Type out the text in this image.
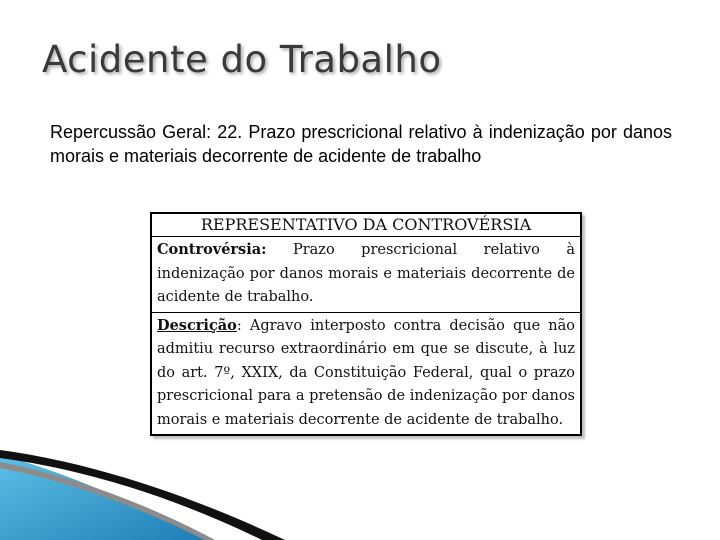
Acidente do Trabalho
Repercussão Geral: 22. Prazo prescricional relativo à indenização por danos morais e materiais decorrente de acidente de trabalho
REPRESENTATIVO DA CONTROVÉRSIA
Controvérsia: Prazo prescricional relativo à indenização por danos morais e materiais decorrente de acidente de trabalho.
Descrição: Agravo interposto contra decisão que não admitiu recurso extraordinário em que se discute, à luz do art. 7º, XXIX, da Constituição Federal, qual o prazo prescricional para a pretensão de indenização por danos morais e materiais decorrente de acidente de trabalho.
